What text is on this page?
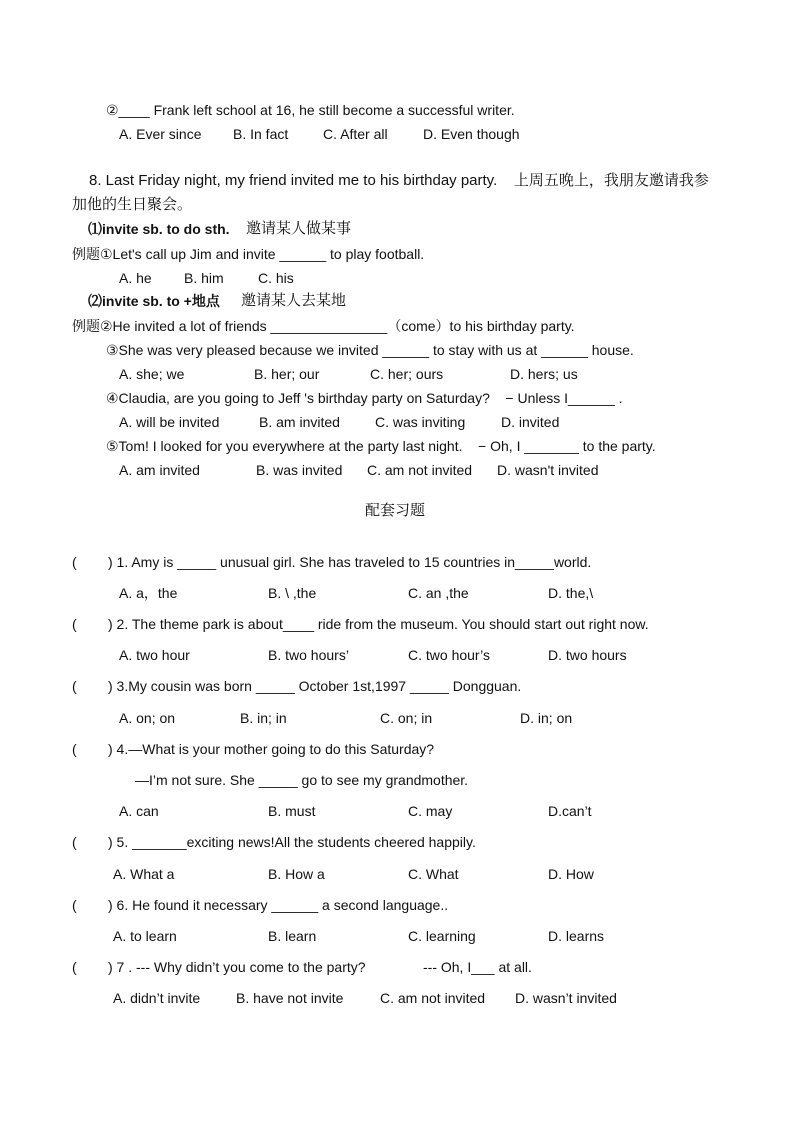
②____ Frank left school at 16, he still become a successful writer.
A. Ever since B. In fact C. After all	D. Even though
8. Last Friday night, my friend invited me to his birthday party.    上周五晚上，我朋友邀请我参
加他的生日聚会。
⑴invite sb. to do sth. 邀请某人做某事
例题①Let's call up Jim and invite ______ to play football.
A. he B. him C. his
⑵invite sb. to +地点 邀请某人去某地
例题②He invited a lot of friends _______________（come）to his birthday party.
③She was very pleased because we invited ______ to stay with us at ______ house.
A. she; we	B. her; our	C. her; ours	D. hers; us
④Claudia, are you going to Jeff 's birthday party on Saturday?    − Unless I______ .
A. will be invited	B. am invited	C. was inviting	D. invited
⑤Tom! I looked for you everywhere at the party last night.    − Oh, I _______ to the party.
A. am invited	B. was invited C. am not invited D. wasn't invited
配套习题
( ) 1. Amy is _____ unusual girl. She has traveled to 15 countries in_____world.
A. a，the	B. \ ,the	C. an ,the	D. the,\
( ) 2. The theme park is about____ ride from the museum. You should start out right now.
A. two hour	B. two hours’	C. two hour’s	D. two hours
( ) 3.My cousin was born _____ October 1st,1997 _____ Dongguan.
A. on; on	B. in; in	C. on; in	D. in; on
( ) 4.—What is your mother going to do this Saturday?
—I’m not sure. She _____ go to see my grandmother.
A. can	B. must	C. may	D.can’t
( ) 5. _______exciting news!All the students cheered happily.
A. What a	B. How a	C. What	D. How
( ) 6. He found it necessary ______ a second language..
A. to learn	B. learn	C. learning	D. learns
( ) 7 . --- Why didn’t you come to the party?	--- Oh, I___ at all.
A. didn’t invite	B. have not invite	C. am not invited D. wasn’t invited
